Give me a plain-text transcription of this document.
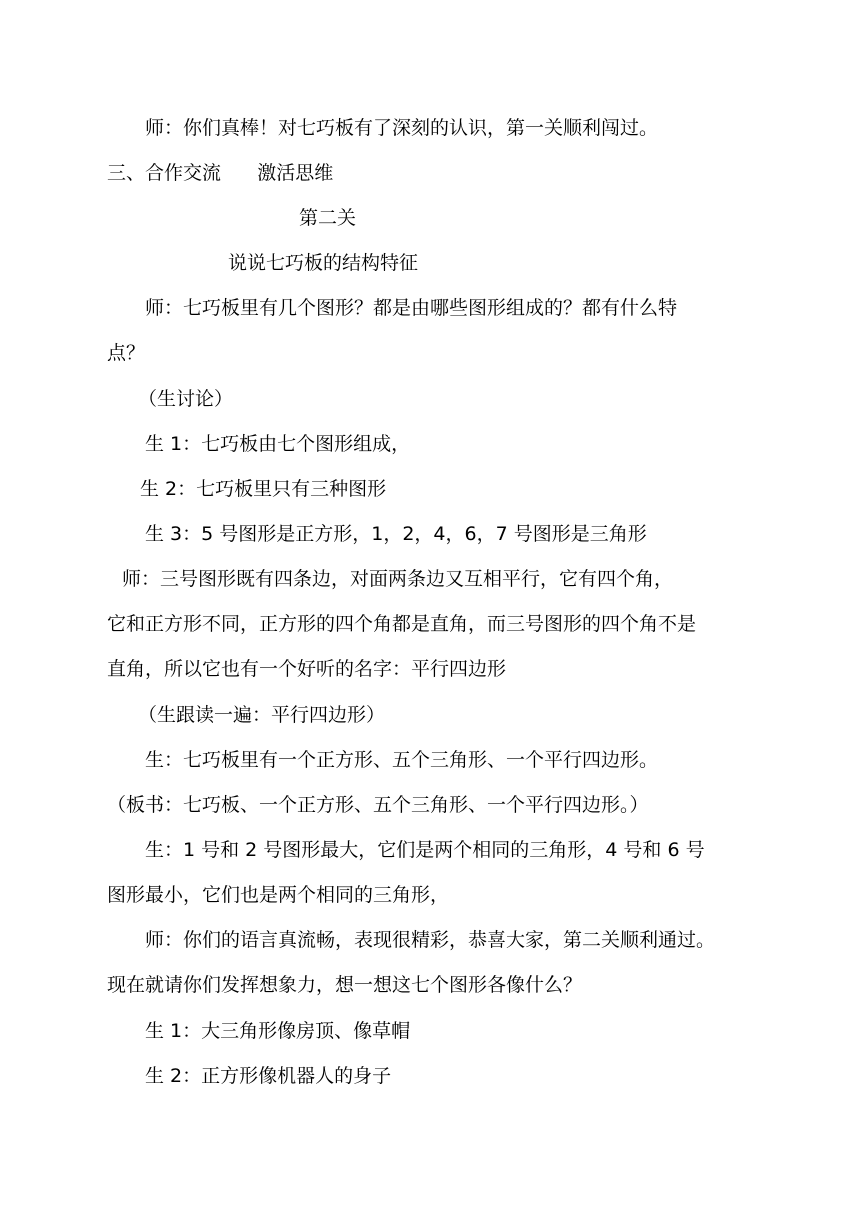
师：你们真棒！对七巧板有了深刻的认识，第一关顺利闯过。
三、合作交流      激活思维
第二关
说说七巧板的结构特征
师：七巧板里有几个图形？都是由哪些图形组成的？都有什么特
点？
（生讨论）
生 1：七巧板由七个图形组成，
生 2：七巧板里只有三种图形
生 3：5 号图形是正方形，1，2，4，6，7 号图形是三角形
师：三号图形既有四条边，对面两条边又互相平行，它有四个角，
它和正方形不同，正方形的四个角都是直角，而三号图形的四个角不是
直角，所以它也有一个好听的名字：平行四边形
（生跟读一遍：平行四边形）
生：七巧板里有一个正方形、五个三角形、一个平行四边形。
（板书：七巧板、一个正方形、五个三角形、一个平行四边形。）
生：1 号和 2 号图形最大，它们是两个相同的三角形，4 号和 6 号
图形最小，它们也是两个相同的三角形，
师：你们的语言真流畅，表现很精彩，恭喜大家，第二关顺利通过。
现在就请你们发挥想象力，想一想这七个图形各像什么？
生 1：大三角形像房顶、像草帽
生 2：正方形像机器人的身子
